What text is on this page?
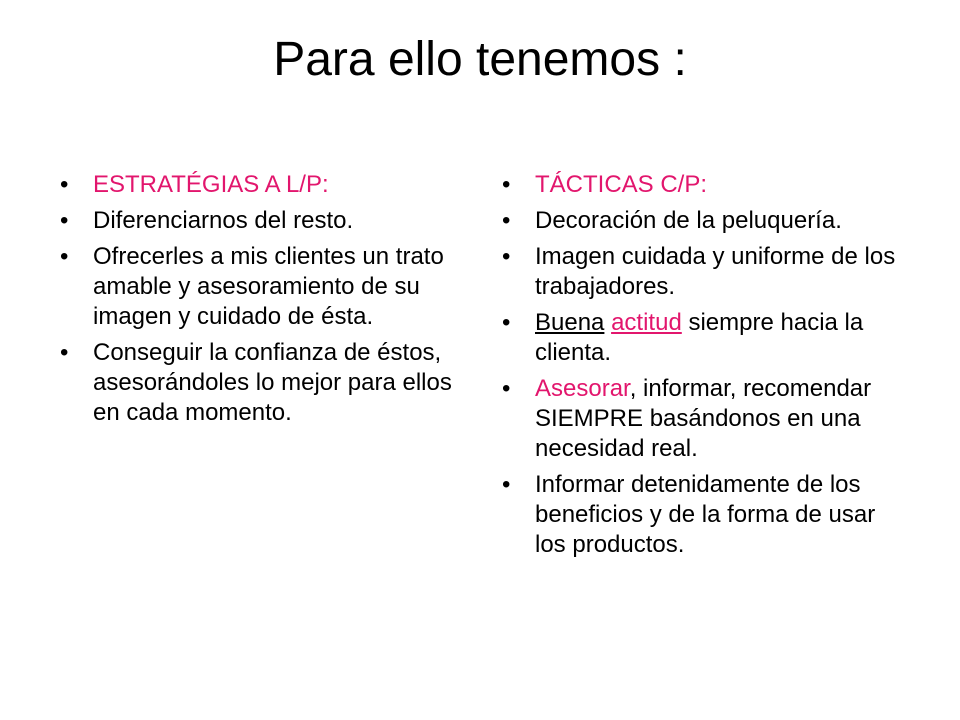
Para ello tenemos :
• ESTRATÉGIAS A L/P:
• Diferenciarnos del resto.
• Ofrecerles a mis clientes un trato amable y asesoramiento de su imagen y cuidado de ésta.
• Conseguir la confianza de éstos, asesorándoles lo mejor para ellos en cada momento.
• TÁCTICAS C/P:
• Decoración de la peluquería.
• Imagen cuidada y uniforme de los trabajadores.
• Buena actitud siempre hacia la clienta.
• Asesorar, informar, recomendar SIEMPRE basándonos en una necesidad real.
• Informar detenidamente de los beneficios y de la forma de usar los productos.
